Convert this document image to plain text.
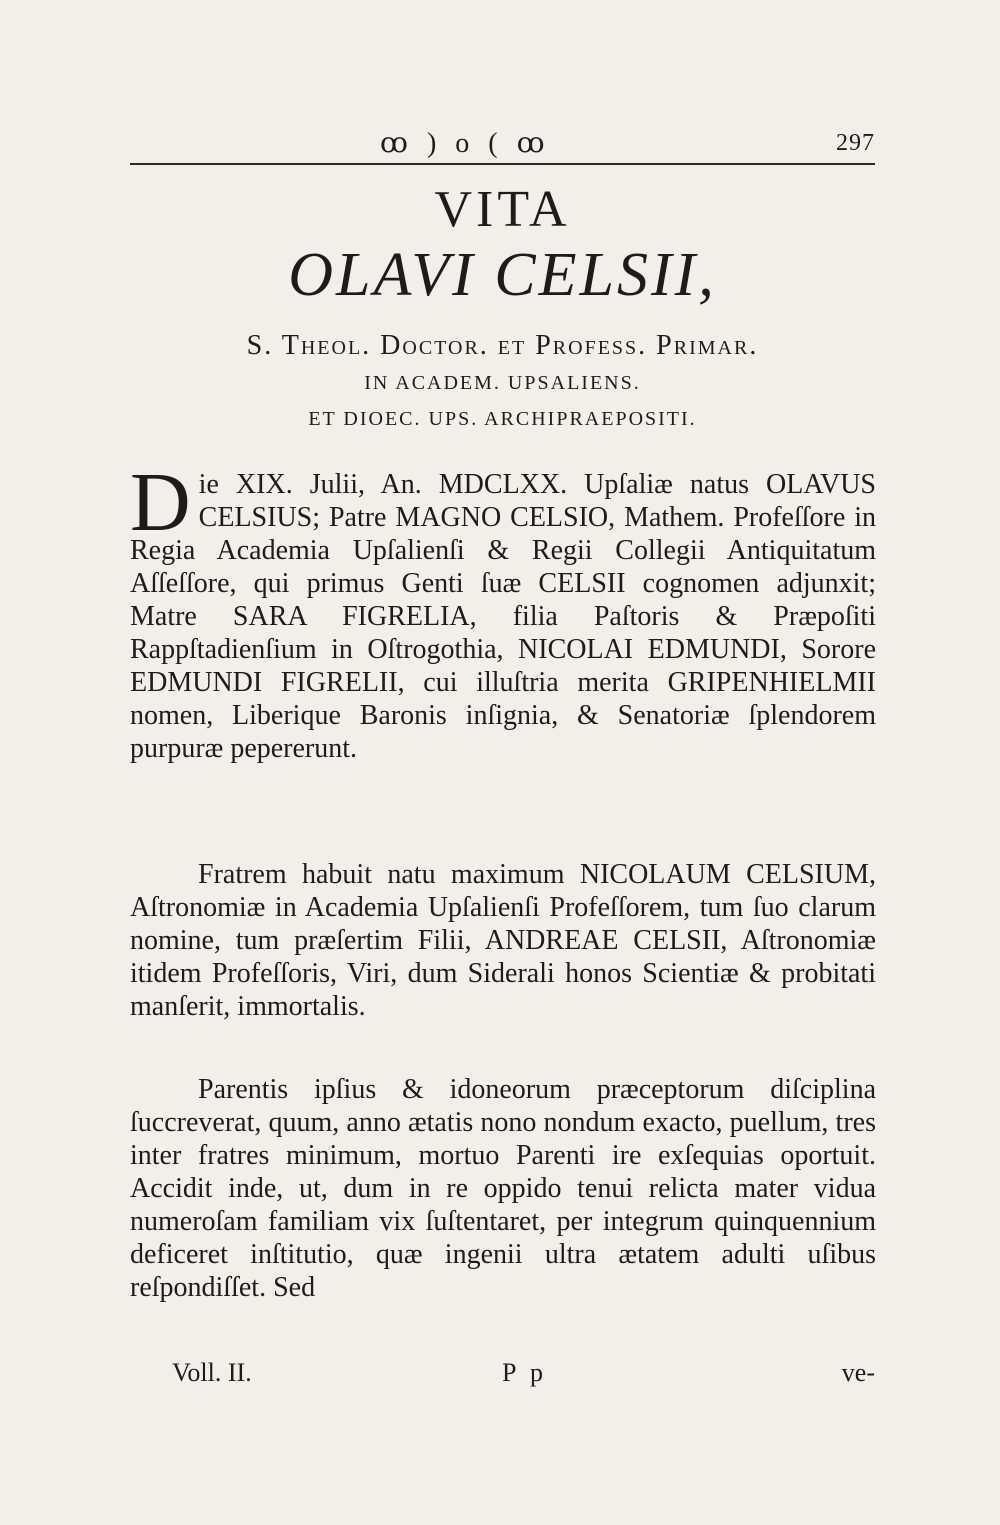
ꝏ ) o ( ꝏ	297
VITA
OLAVI CELSII,
S. Theol. Doctor. et Profess. Primar.
IN ACADEM. UPSALIENS.
ET DIOEC. UPS. ARCHIPRAEPOSITI.
Die XIX. Julii, An. MDCLXX. Upſaliæ natus OLAVUS CELSIUS; Patre MAGNO CELSIO, Mathem. Profeſſore in Regia Academia Upſalienſi & Regii Collegii Antiquitatum Aſſeſſore, qui primus Genti ſuæ CELSII cognomen adjunxit; Matre SARA FIGRELIA, filia Paſtoris & Præpoſiti Rappſtadienſium in Oſtrogothia, NICOLAI EDMUNDI, Sorore EDMUNDI FIGRELII, cui illuſtria merita GRIPENHIELMII nomen, Liberique Baronis inſignia, & Senatoriæ ſplendorem purpuræ pepererunt.
Fratrem habuit natu maximum NICOLAUM CELSIUM, Aſtronomiæ in Academia Upſalienſi Profeſſorem, tum ſuo clarum nomine, tum præſertim Filii, ANDREAE CELSII, Aſtronomiæ itidem Profeſſoris, Viri, dum Siderali honos Scientiæ & probitati manſerit, immortalis.
Parentis ipſius & idoneorum præceptorum diſciplina ſuccreverat, quum, anno ætatis nono nondum exacto, puellum, tres inter fratres minimum, mortuo Parenti ire exſequias oportuit. Accidit inde, ut, dum in re oppido tenui relicta mater vidua numeroſam familiam vix ſuſtentaret, per integrum quinquennium deficeret inſtitutio, quæ ingenii ultra ætatem adulti uſibus reſpondiſſet. Sed
Voll. II.	P p	ve-
